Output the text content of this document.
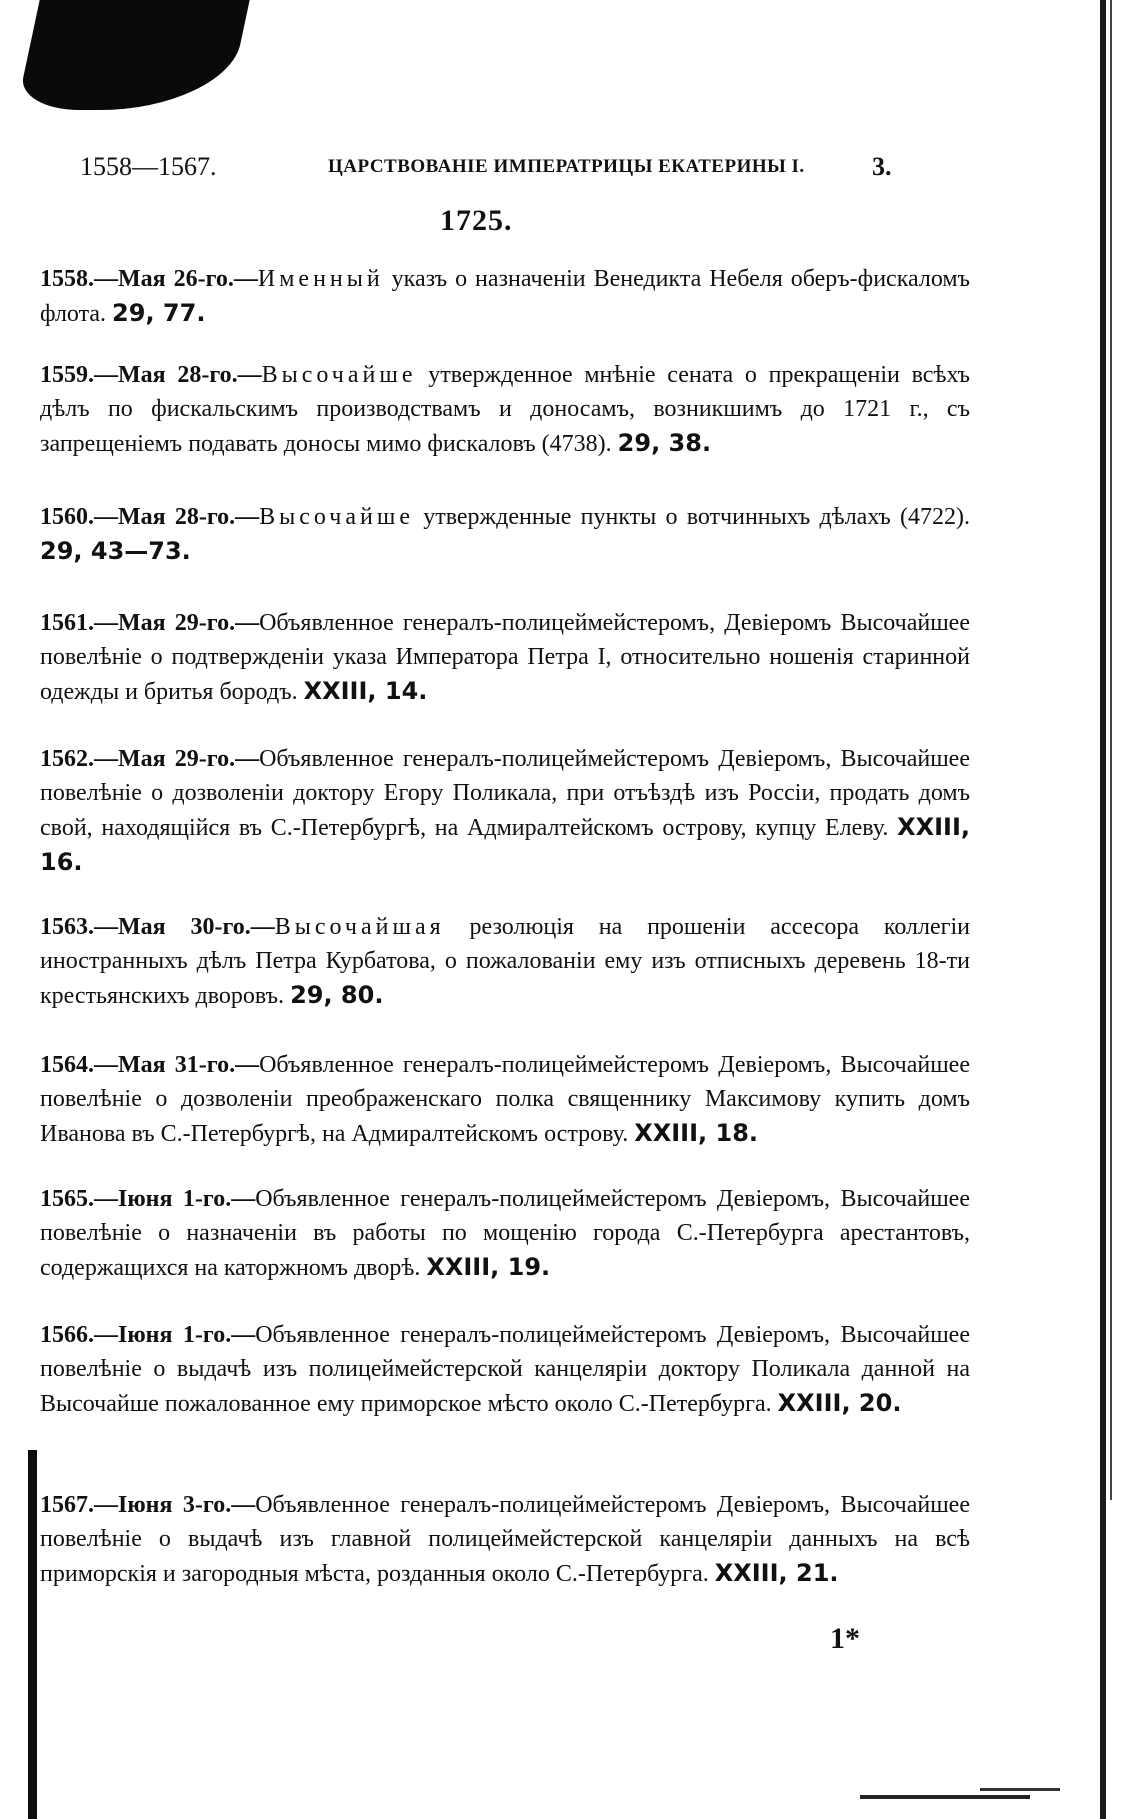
1558—1567.	ЦАРСТВОВАНІЕ ИМПЕРАТРИЦЫ ЕКАТЕРИНЫ I.	3.
1725.
1558.—Мая 26-го.—Именный указъ о назначеніи Венедикта Небеля оберъ-фискаломъ флота. 29, 77.
1559.—Мая 28-го.—Высочайше утвержденное мнѣніе сената о прекращеніи всѣхъ дѣлъ по фискальскимъ производствамъ и доносамъ, возникшимъ до 1721 г., съ запрещеніемъ подавать доносы мимо фискаловъ (4738). 29, 38.
1560.—Мая 28-го.—Высочайше утвержденные пункты о вотчинныхъ дѣлахъ (4722). 29, 43—73.
1561.—Мая 29-го.—Объявленное генералъ-полицеймейстеромъ, Девіеромъ Высочайшее повелѣніе о подтвержденіи указа Императора Петра I, относительно ношенія старинной одежды и бритья бородъ. XXIII, 14.
1562.—Мая 29-го.—Объявленное генералъ-полицеймейстеромъ Девіеромъ, Высочайшее повелѣніе о дозволеніи доктору Егору Поликала, при отъѣздѣ изъ Россіи, продать домъ свой, находящійся въ С.-Петербургѣ, на Адмиралтейскомъ острову, купцу Елеву. XXIII, 16.
1563.—Мая 30-го.—Высочайшая резолюція на прошеніи ассесора коллегіи иностранныхъ дѣлъ Петра Курбатова, о пожалованіи ему изъ отписныхъ деревень 18-ти крестьянскихъ дворовъ. 29, 80.
1564.—Мая 31-го.—Объявленное генералъ-полицеймейстеромъ Девіеромъ, Высочайшее повелѣніе о дозволеніи преображенскаго полка священнику Максимову купить домъ Иванова въ С.-Петербургѣ, на Адмиралтейскомъ острову. XXIII, 18.
1565.—Іюня 1-го.—Объявленное генералъ-полицеймейстеромъ Девіеромъ, Высочайшее повелѣніе о назначеніи въ работы по мощенію города С.-Петербурга арестантовъ, содержащихся на каторжномъ дворѣ. XXIII, 19.
1566.—Іюня 1-го.—Объявленное генералъ-полицеймейстеромъ Девіеромъ, Высочайшее повелѣніе о выдачѣ изъ полицеймейстерской канцеляріи доктору Поликала данной на Высочайше пожалованное ему приморское мѣсто около С.-Петербурга. XXIII, 20.
1567.—Іюня 3-го.—Объявленное генералъ-полицеймейстеромъ Девіеромъ, Высочайшее повелѣніе о выдачѣ изъ главной полицеймейстерской канцеляріи данныхъ на всѣ приморскія и загородныя мѣста, розданныя около С.-Петербурга. XXIII, 21.
1*
